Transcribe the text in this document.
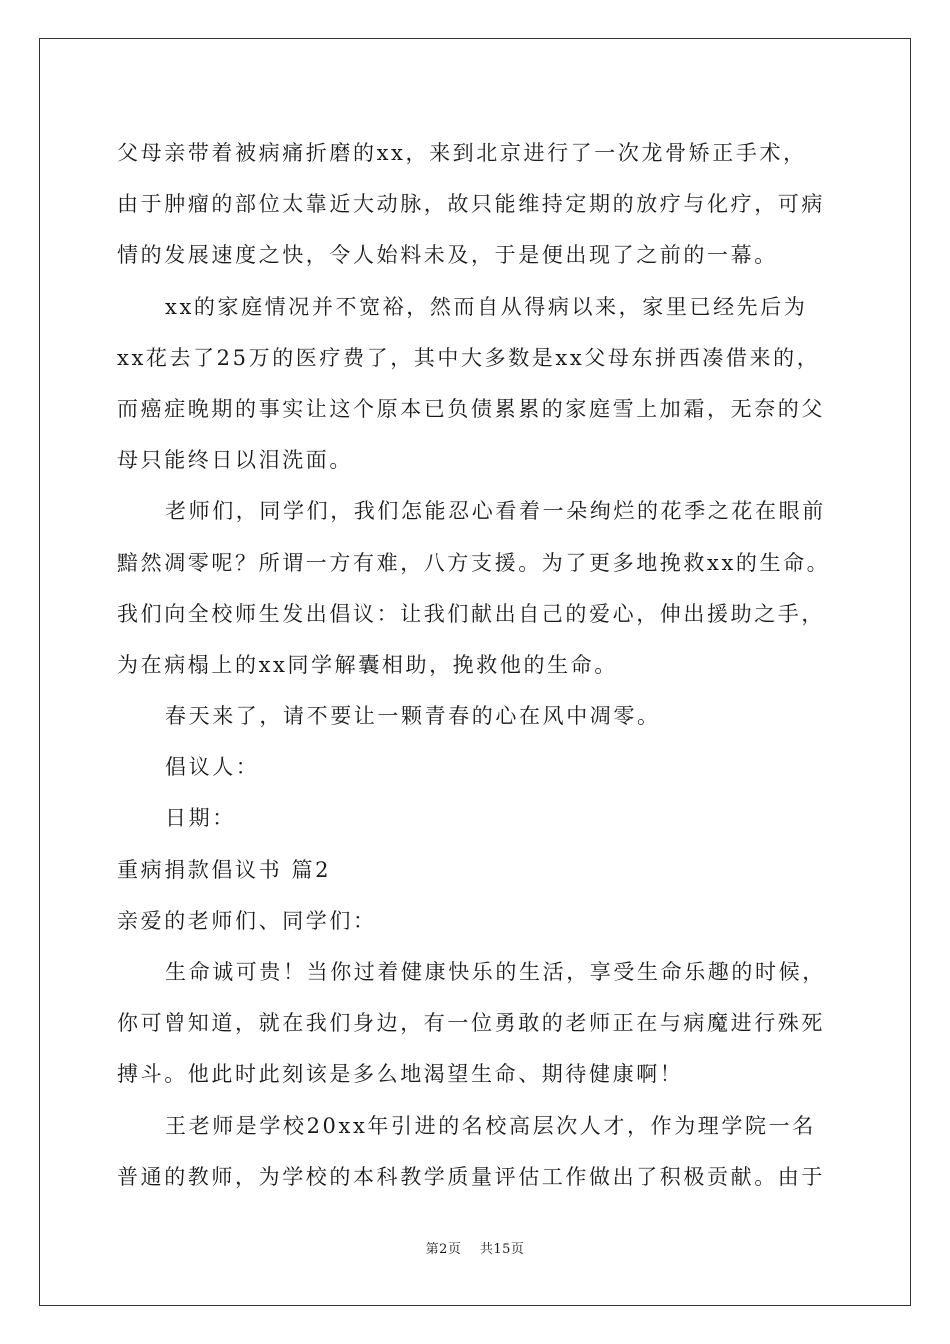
父母亲带着被病痛折磨的xx，来到北京进行了一次龙骨矫正手术，
由于肿瘤的部位太靠近大动脉，故只能维持定期的放疗与化疗，可病
情的发展速度之快，令人始料未及，于是便出现了之前的一幕。
xx的家庭情况并不宽裕，然而自从得病以来，家里已经先后为
xx花去了25万的医疗费了，其中大多数是xx父母东拼西凑借来的，
而癌症晚期的事实让这个原本已负债累累的家庭雪上加霜，无奈的父
母只能终日以泪洗面。
老师们，同学们，我们怎能忍心看着一朵绚烂的花季之花在眼前
黯然凋零呢？所谓一方有难，八方支援。为了更多地挽救xx的生命。
我们向全校师生发出倡议：让我们献出自己的爱心，伸出援助之手，
为在病榻上的xx同学解囊相助，挽救他的生命。
春天来了，请不要让一颗青春的心在风中凋零。
倡议人：
日期：
重病捐款倡议书 篇2
亲爱的老师们、同学们：
生命诚可贵！当你过着健康快乐的生活，享受生命乐趣的时候，
你可曾知道，就在我们身边，有一位勇敢的老师正在与病魔进行殊死
搏斗。他此时此刻该是多么地渴望生命、期待健康啊！
王老师是学校20xx年引进的名校高层次人才，作为理学院一名
普通的教师，为学校的本科教学质量评估工作做出了积极贡献。由于
第2页 共15页
